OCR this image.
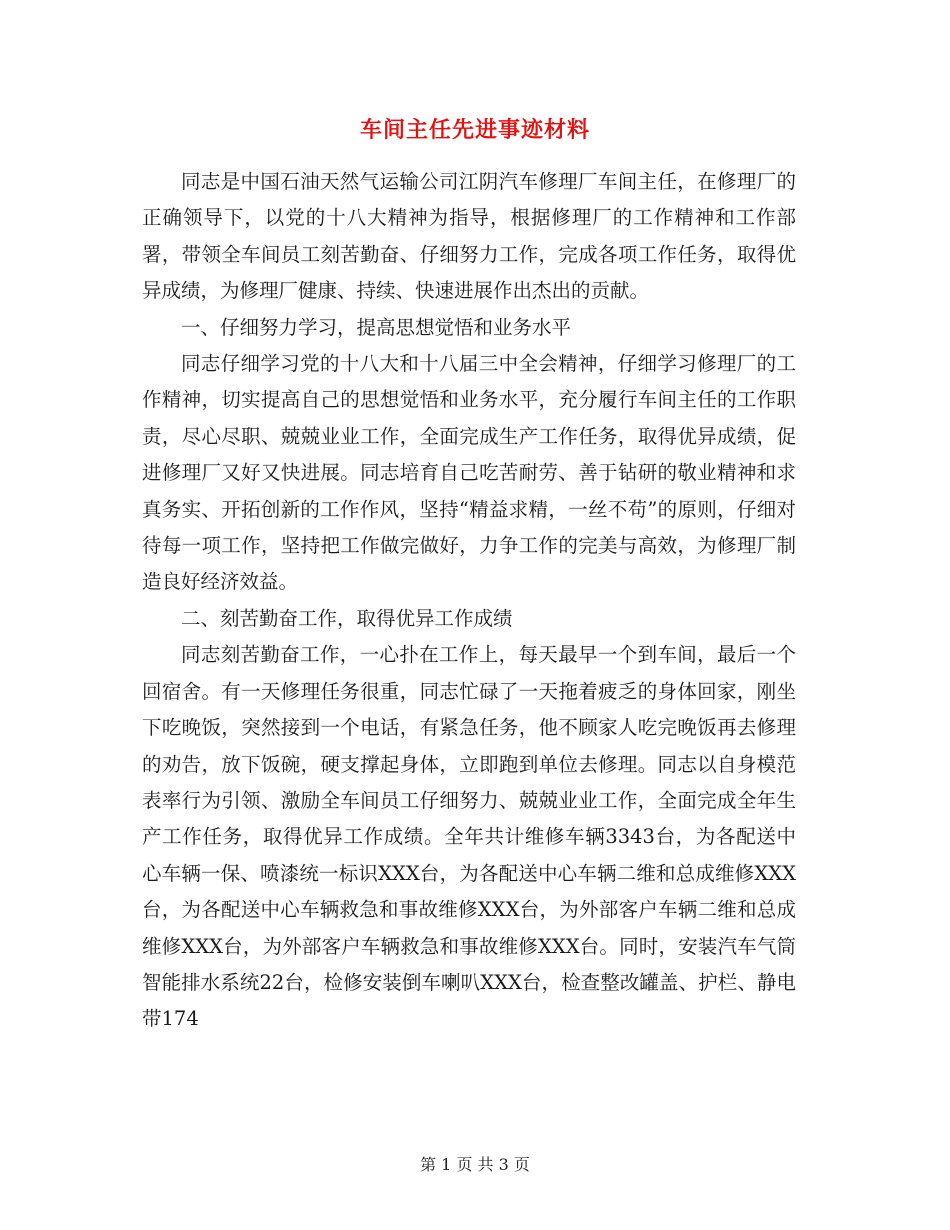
车间主任先进事迹材料

同志是中国石油天然气运输公司江阴汽车修理厂车间主任，在修理厂的正确领导下，以党的十八大精神为指导，根据修理厂的工作精神和工作部署，带领全车间员工刻苦勤奋、仔细努力工作，完成各项工作任务，取得优异成绩，为修理厂健康、持续、快速进展作出杰出的贡献。

一、仔细努力学习，提高思想觉悟和业务水平

同志仔细学习党的十八大和十八届三中全会精神，仔细学习修理厂的工作精神，切实提高自己的思想觉悟和业务水平，充分履行车间主任的工作职责，尽心尽职、兢兢业业工作，全面完成生产工作任务，取得优异成绩，促进修理厂又好又快进展。同志培育自己吃苦耐劳、善于钻研的敬业精神和求真务实、开拓创新的工作作风，坚持“精益求精，一丝不苟”的原则，仔细对待每一项工作，坚持把工作做完做好，力争工作的完美与高效，为修理厂制造良好经济效益。

二、刻苦勤奋工作，取得优异工作成绩

同志刻苦勤奋工作，一心扑在工作上，每天最早一个到车间，最后一个回宿舍。有一天修理任务很重，同志忙碌了一天拖着疲乏的身体回家，刚坐下吃晚饭，突然接到一个电话，有紧急任务，他不顾家人吃完晚饭再去修理的劝告，放下饭碗，硬支撑起身体，立即跑到单位去修理。同志以自身模范表率行为引领、激励全车间员工仔细努力、兢兢业业工作，全面完成全年生产工作任务，取得优异工作成绩。全年共计维修车辆3343台，为各配送中心车辆一保、喷漆统一标识XXX台，为各配送中心车辆二维和总成维修XXX台，为各配送中心车辆救急和事故维修XXX台，为外部客户车辆二维和总成维修XXX台，为外部客户车辆救急和事故维修XXX台。同时，安装汽车气筒智能排水系统22台，检修安装倒车喇叭XXX台，检查整改罐盖、护栏、静电带174

第 1 页 共 3 页
